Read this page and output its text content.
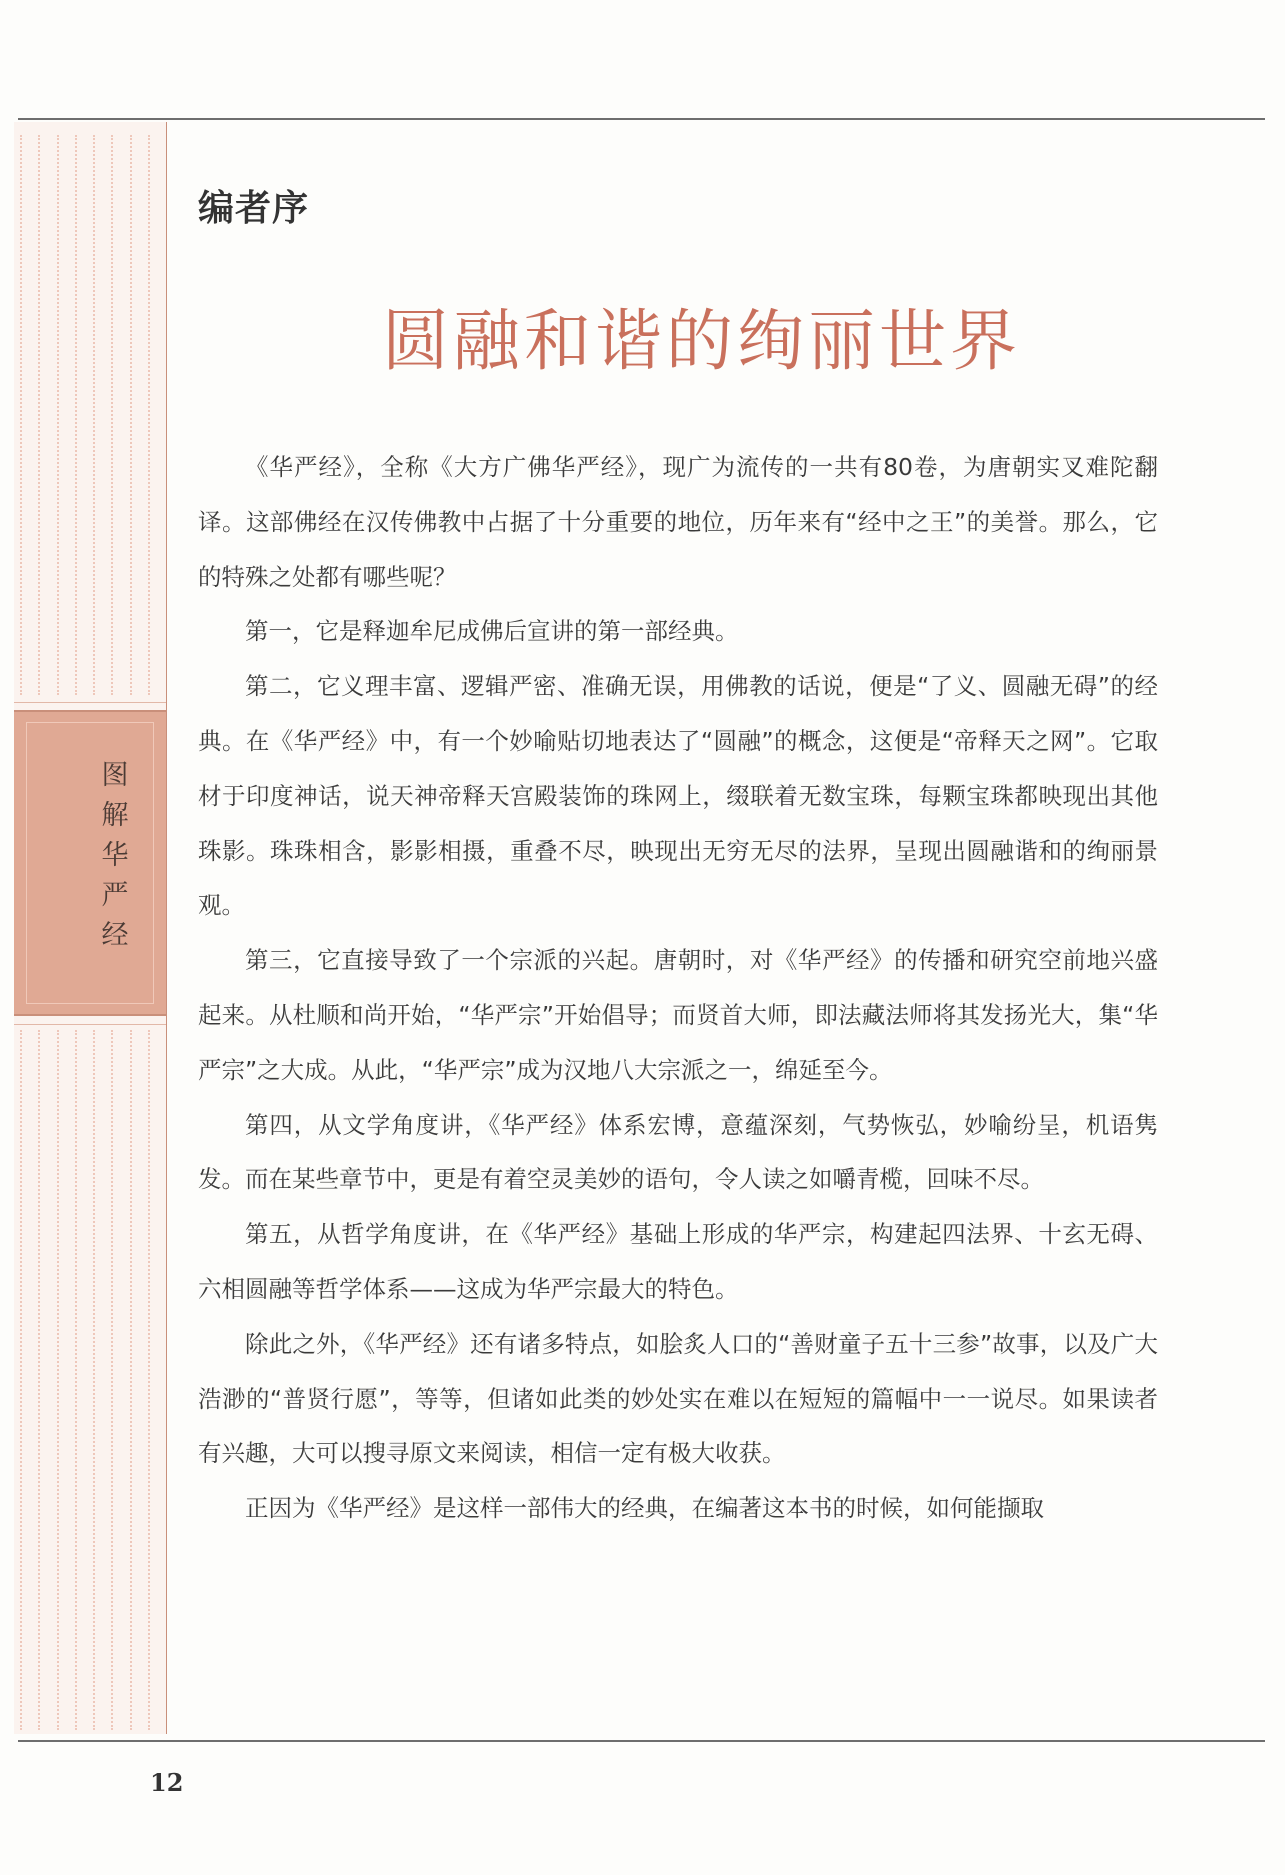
图解华严经
编者序
圆融和谐的绚丽世界

《华严经》，全称《大方广佛华严经》，现广为流传的一共有80卷，为唐朝实叉难陀翻译。这部佛经在汉传佛教中占据了十分重要的地位，历年来有“经中之王”的美誉。那么，它的特殊之处都有哪些呢？

第一，它是释迦牟尼成佛后宣讲的第一部经典。

第二，它义理丰富、逻辑严密、准确无误，用佛教的话说，便是“了义、圆融无碍”的经典。在《华严经》中，有一个妙喻贴切地表达了“圆融”的概念，这便是“帝释天之网”。它取材于印度神话，说天神帝释天宫殿装饰的珠网上，缀联着无数宝珠，每颗宝珠都映现出其他珠影。珠珠相含，影影相摄，重叠不尽，映现出无穷无尽的法界，呈现出圆融谐和的绚丽景观。

第三，它直接导致了一个宗派的兴起。唐朝时，对《华严经》的传播和研究空前地兴盛起来。从杜顺和尚开始，“华严宗”开始倡导；而贤首大师，即法藏法师将其发扬光大，集“华严宗”之大成。从此，“华严宗”成为汉地八大宗派之一，绵延至今。

第四，从文学角度讲，《华严经》体系宏博，意蕴深刻，气势恢弘，妙喻纷呈，机语隽发。而在某些章节中，更是有着空灵美妙的语句，令人读之如嚼青榄，回味不尽。

第五，从哲学角度讲，在《华严经》基础上形成的华严宗，构建起四法界、十玄无碍、六相圆融等哲学体系——这成为华严宗最大的特色。

除此之外，《华严经》还有诸多特点，如脍炙人口的“善财童子五十三参”故事，以及广大浩渺的“普贤行愿”，等等，但诸如此类的妙处实在难以在短短的篇幅中一一说尽。如果读者有兴趣，大可以搜寻原文来阅读，相信一定有极大收获。

正因为《华严经》是这样一部伟大的经典，在编著这本书的时候，如何能撷取

12
